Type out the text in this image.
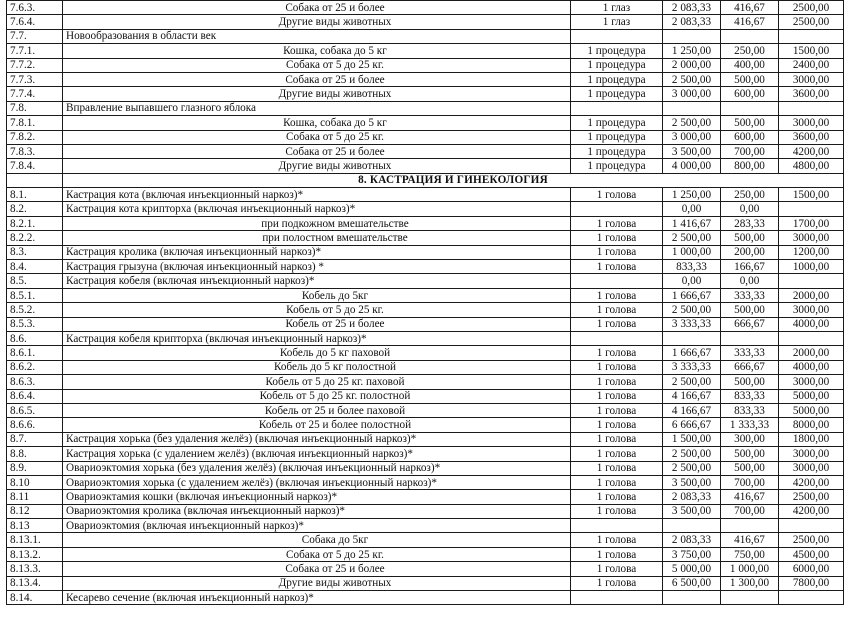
7.6.3.	Собака от 25 и более	1 глаз	2 083,33	416,67	2500,00
7.6.4.	Другие виды животных	1 глаз	2 083,33	416,67	2500,00
7.7.	Новообразования в области век				
7.7.1.	Кошка, собака до 5 кг	1 процедура	1 250,00	250,00	1500,00
7.7.2.	Собака от 5 до 25 кг.	1 процедура	2 000,00	400,00	2400,00
7.7.3.	Собака от 25 и более	1 процедура	2 500,00	500,00	3000,00
7.7.4.	Другие виды животных	1 процедура	3 000,00	600,00	3600,00
7.8.	Вправление выпавшего глазного яблока				
7.8.1.	Кошка, собака до 5 кг	1 процедура	2 500,00	500,00	3000,00
7.8.2.	Собака от 5 до 25 кг.	1 процедура	3 000,00	600,00	3600,00
7.8.3.	Собака от 25 и более	1 процедура	3 500,00	700,00	4200,00
7.8.4.	Другие виды животных	1 процедура	4 000,00	800,00	4800,00
	8. КАСТРАЦИЯ И ГИНЕКОЛОГИЯ				
8.1.	Кастрация кота (включая инъекционный наркоз)*	1 голова	1 250,00	250,00	1500,00
8.2.	Кастрация кота крипторха (включая инъекционный наркоз)*		0,00	0,00	
8.2.1.	при подкожном вмешательстве	1 голова	1 416,67	283,33	1700,00
8.2.2.	при полостном вмешательстве	1 голова	2 500,00	500,00	3000,00
8.3.	Кастрация кролика (включая инъекционный наркоз)*	1 голова	1 000,00	200,00	1200,00
8.4.	Кастрация грызуна (включая инъекционный наркоз) *	1 голова	833,33	166,67	1000,00
8.5.	Кастрация кобеля (включая инъекционный наркоз)*		0,00	0,00	
8.5.1.	Кобель до 5кг	1 голова	1 666,67	333,33	2000,00
8.5.2.	Кобель от 5 до 25 кг.	1 голова	2 500,00	500,00	3000,00
8.5.3.	Кобель от 25 и более	1 голова	3 333,33	666,67	4000,00
8.6.	Кастрация кобеля крипторха (включая инъекционный наркоз)*				
8.6.1.	Кобель до 5 кг паховой	1 голова	1 666,67	333,33	2000,00
8.6.2.	Кобель до 5 кг полостной	1 голова	3 333,33	666,67	4000,00
8.6.3.	Кобель от 5 до 25 кг. паховой	1 голова	2 500,00	500,00	3000,00
8.6.4.	Кобель от 5 до 25 кг. полостной	1 голова	4 166,67	833,33	5000,00
8.6.5.	Кобель от 25 и более паховой	1 голова	4 166,67	833,33	5000,00
8.6.6.	Кобель от 25 и более полостной	1 голова	6 666,67	1 333,33	8000,00
8.7.	Кастрация хорька (без удаления желёз) (включая инъекционный наркоз)*	1 голова	1 500,00	300,00	1800,00
8.8.	Кастрация хорька (с удалением желёз) (включая инъекционный наркоз)*	1 голова	2 500,00	500,00	3000,00
8.9.	Овариоэктомия хорька (без удаления желёз) (включая инъекционный наркоз)*	1 голова	2 500,00	500,00	3000,00
8.10	Овариоэктомия хорька (с удалением желёз) (включая инъекционный наркоз)*	1 голова	3 500,00	700,00	4200,00
8.11	Овариоэктамия кошки (включая инъекционный наркоз)*	1 голова	2 083,33	416,67	2500,00
8.12	Овариоэктомия кролика (включая инъекционный наркоз)*	1 голова	3 500,00	700,00	4200,00
8.13	Овариоэктомия (включая инъекционный наркоз)*				
8.13.1.	Собака до 5кг	1 голова	2 083,33	416,67	2500,00
8.13.2.	Собака от 5 до 25 кг.	1 голова	3 750,00	750,00	4500,00
8.13.3.	Собака от 25 и более	1 голова	5 000,00	1 000,00	6000,00
8.13.4.	Другие виды животных	1 голова	6 500,00	1 300,00	7800,00
8.14.	Кесарево сечение (включая инъекционный наркоз)*				
